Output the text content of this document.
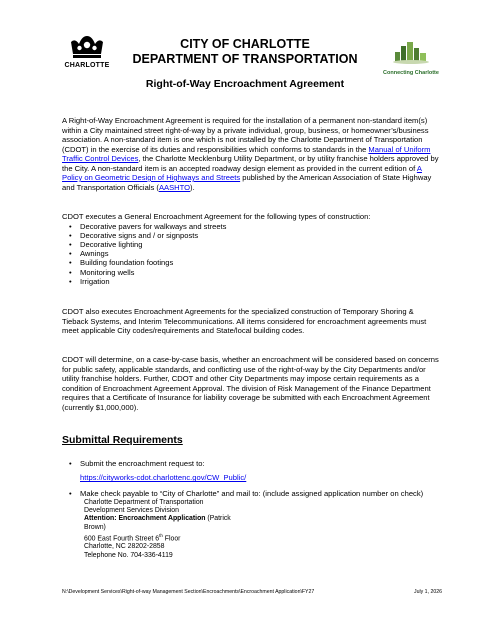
CHARLOTTE
CITY OF CHARLOTTE
DEPARTMENT OF TRANSPORTATION
Right-of-Way Encroachment Agreement
Connecting Charlotte

A Right-of-Way Encroachment Agreement is required for the installation of a permanent non-standard item(s) within a City maintained street right-of-way by a private individual, group, business, or homeowner’s/business association. A non-standard item is one which is not installed by the Charlotte Department of Transportation (CDOT) in the exercise of its duties and responsibilities which conforms to standards in the Manual of Uniform Traffic Control Devices, the Charlotte Mecklenburg Utility Department, or by utility franchise holders approved by the City. A non-standard item is an accepted roadway design element as provided in the current edition of A Policy on Geometric Design of Highways and Streets published by the American Association of State Highway and Transportation Officials (AASHTO).

CDOT executes a General Encroachment Agreement for the following types of construction:

• Decorative pavers for walkways and streets
• Decorative signs and / or signposts
• Decorative lighting
• Awnings
• Building foundation footings
• Monitoring wells
• Irrigation

CDOT also executes Encroachment Agreements for the specialized construction of Temporary Shoring & Tieback Systems, and Interim Telecommunications. All items considered for encroachment agreements must meet applicable City codes/requirements and State/local building codes.

CDOT will determine, on a case-by-case basis, whether an encroachment will be considered based on concerns for public safety, applicable standards, and conflicting use of the right-of-way by the City Departments and/or utility franchise holders. Further, CDOT and other City Departments may impose certain requirements as a condition of Encroachment Agreement Approval. The division of Risk Management of the Finance Department requires that a Certificate of Insurance for liability coverage be submitted with each Encroachment Agreement (currently $1,000,000).

Submittal Requirements
• Submit the encroachment request to:
https://cityworks-cdot.charlottenc.gov/CW_Public/
• Make check payable to “City of Charlotte” and mail to: (include assigned application number on check)
Charlotte Department of Transportation
Development Services Division
Attention: Encroachment Application (Patrick
Brown)
600 East Fourth Street 6th Floor
Charlotte, NC 28202-2858
Telephone No. 704-336-4119
N:\Development Services\Right-of-way Management Section\Encroachments\Encroachment Application\FY27	July 1, 2026
